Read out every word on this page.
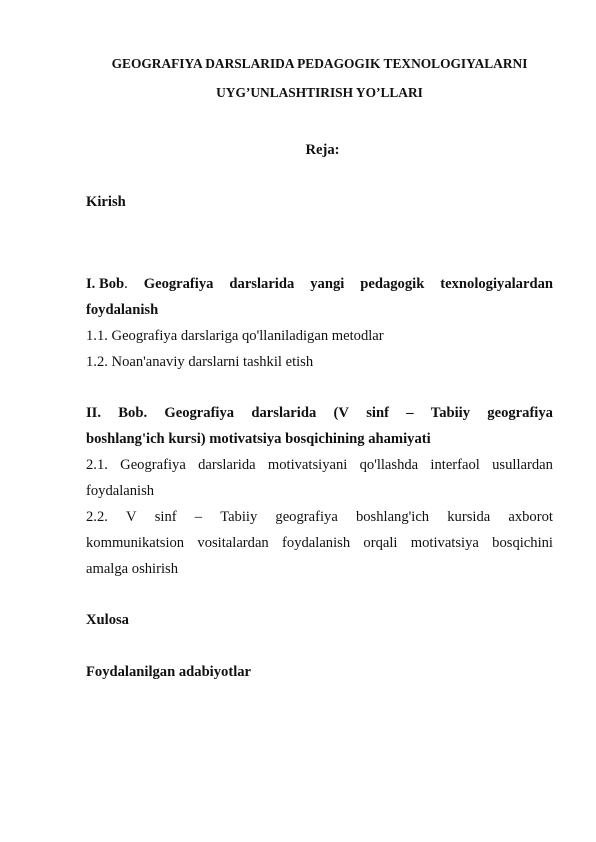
GEOGRAFIYA DARSLARIDA PEDAGOGIK TEXNOLOGIYALARNI
UYG’UNLASHTIRISH YO’LLARI
Reja:
Kirish
I. Bob. Geografiya darslarida yangi pedagogik texnologiyalardan
foydalanish
1.1. Geografiya darslariga qo'llaniladigan metodlar
1.2. Noan'anaviy darslarni tashkil etish
II. Bob. Geografiya darslarida (V sinf – Tabiiy geografiya
boshlang'ich kursi) motivatsiya bosqichining ahamiyati
2.1. Geografiya darslarida motivatsiyani qo'llashda interfaol usullardan
foydalanish
2.2. V sinf – Tabiiy geografiya boshlang'ich kursida axborot
kommunikatsion vositalardan foydalanish orqali motivatsiya bosqichini
amalga oshirish
Xulosa
Foydalanilgan adabiyotlar
